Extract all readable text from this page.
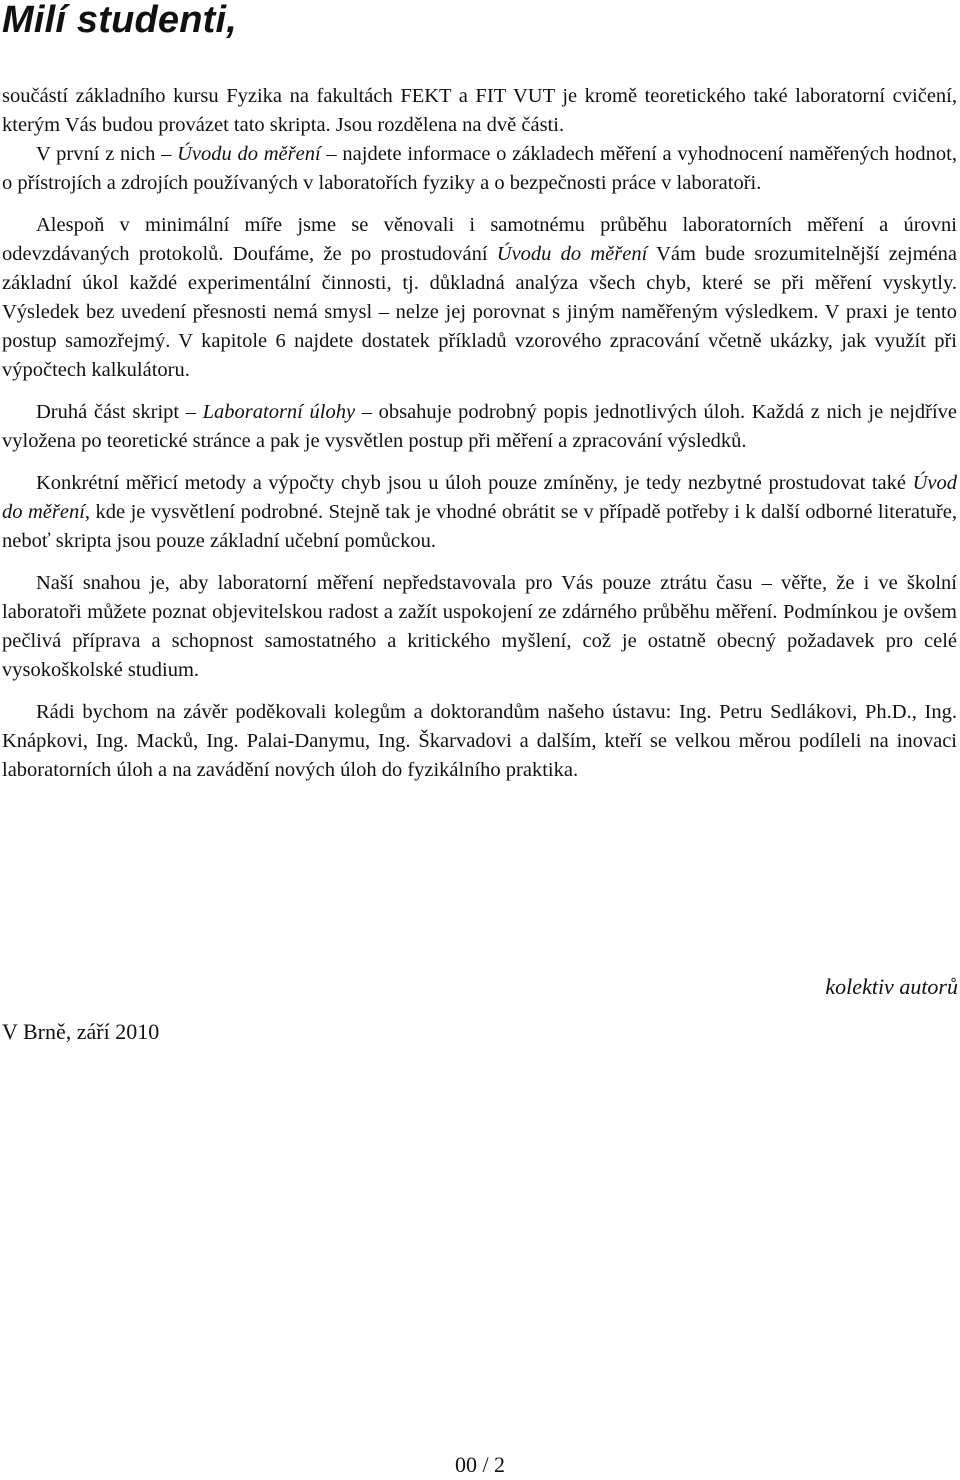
Milí studenti,

součástí základního kursu Fyzika na fakultách FEKT a FIT VUT je kromě teoretického také laboratorní cvičení, kterým Vás budou provázet tato skripta. Jsou rozdělena na dvě části.

V první z nich – Úvodu do měření – najdete informace o základech měření a vyhodnocení naměřených hodnot, o přístrojích a zdrojích používaných v laboratořích fyziky a o bezpečnosti práce v laboratoři.

Alespoň v minimální míře jsme se věnovali i samotnému průběhu laboratorních měření a úrovni odevzdávaných protokolů. Doufáme, že po prostudování Úvodu do měření Vám bude srozumitelnější zejména základní úkol každé experimentální činnosti, tj. důkladná analýza všech chyb, které se při měření vyskytly. Výsledek bez uvedení přesnosti nemá smysl – nelze jej porovnat s jiným naměřeným výsledkem. V praxi je tento postup samozřejmý. V kapitole 6 najdete dostatek příkladů vzorového zpracování včetně ukázky, jak využít při výpočtech kalkulátoru.

Druhá část skript – Laboratorní úlohy – obsahuje podrobný popis jednotlivých úloh. Každá z nich je nejdříve vyložena po teoretické stránce a pak je vysvětlen postup při měření a zpracování výsledků.

Konkrétní měřicí metody a výpočty chyb jsou u úloh pouze zmíněny, je tedy nezbytné prostudovat také Úvod do měření, kde je vysvětlení podrobné. Stejně tak je vhodné obrátit se v případě potřeby i k další odborné literatuře, neboť skripta jsou pouze základní učební pomůckou.

Naší snahou je, aby laboratorní měření nepředstavovala pro Vás pouze ztrátu času – věřte, že i ve školní laboratoři můžete poznat objevitelskou radost a zažít uspokojení ze zdárného průběhu měření. Podmínkou je ovšem pečlivá příprava a schopnost samostatného a kritického myšlení, což je ostatně obecný požadavek pro celé vysokoškolské studium.

Rádi bychom na závěr poděkovali kolegům a doktorandům našeho ústavu: Ing. Petru Sedlákovi, Ph.D., Ing. Knápkovi, Ing. Macků, Ing. Palai-Danymu, Ing. Škarvadovi a dalším, kteří se velkou měrou podíleli na inovaci laboratorních úloh a na zavádění nových úloh do fyzikálního praktika.

kolektiv autorů
V Brně, září 2010
00 / 2
